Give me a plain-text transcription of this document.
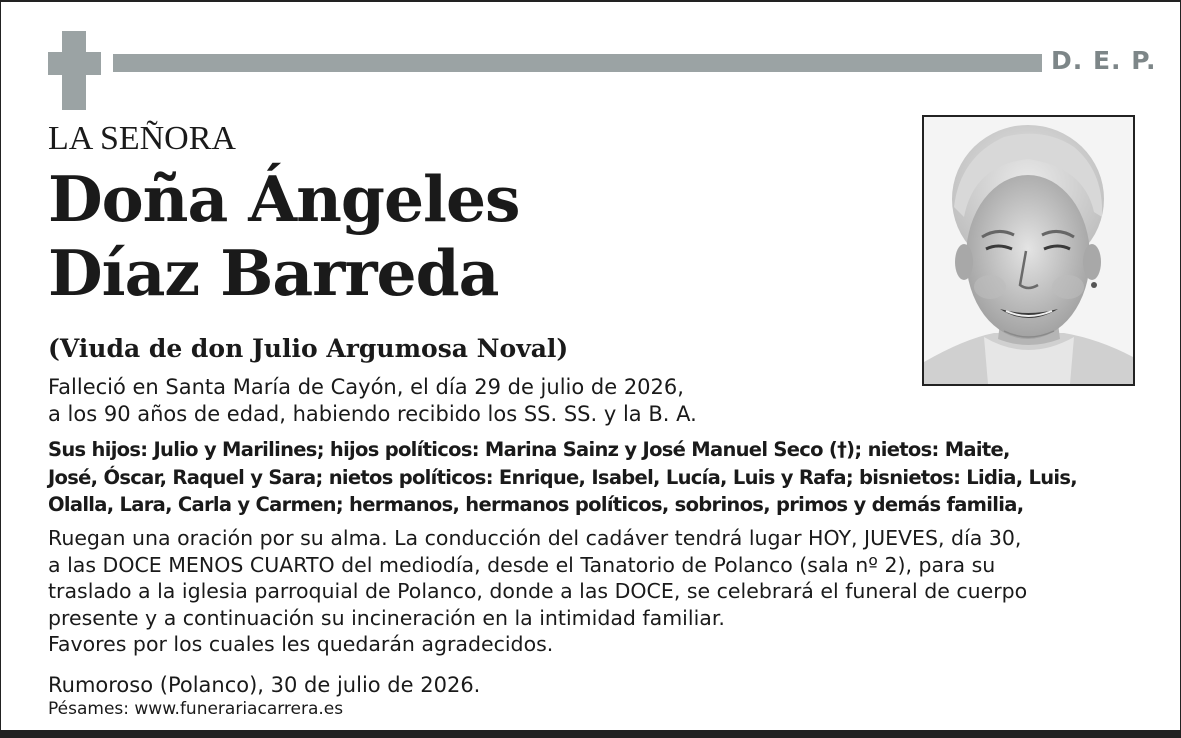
D. E. P.
LA SEÑORA
Doña Ángeles
Díaz Barreda
(Viuda de don Julio Argumosa Noval)
Falleció en Santa María de Cayón, el día 29 de julio de 2026,
a los 90 años de edad, habiendo recibido los SS. SS. y la B. A.
Sus hijos: Julio y Marilines; hijos políticos: Marina Sainz y José Manuel Seco (†); nietos: Maite,
José, Óscar, Raquel y Sara; nietos políticos: Enrique, Isabel, Lucía, Luis y Rafa; bisnietos: Lidia, Luis,
Olalla, Lara, Carla y Carmen; hermanos, hermanos políticos, sobrinos, primos y demás familia,
Ruegan una oración por su alma. La conducción del cadáver tendrá lugar HOY, JUEVES, día 30,
a las DOCE MENOS CUARTO del mediodía, desde el Tanatorio de Polanco (sala nº 2), para su
traslado a la iglesia parroquial de Polanco, donde a las DOCE, se celebrará el funeral de cuerpo
presente y a continuación su incineración en la intimidad familiar.
Favores por los cuales les quedarán agradecidos.
Rumoroso (Polanco), 30 de julio de 2026.
Pésames: www.funerariacarrera.es
